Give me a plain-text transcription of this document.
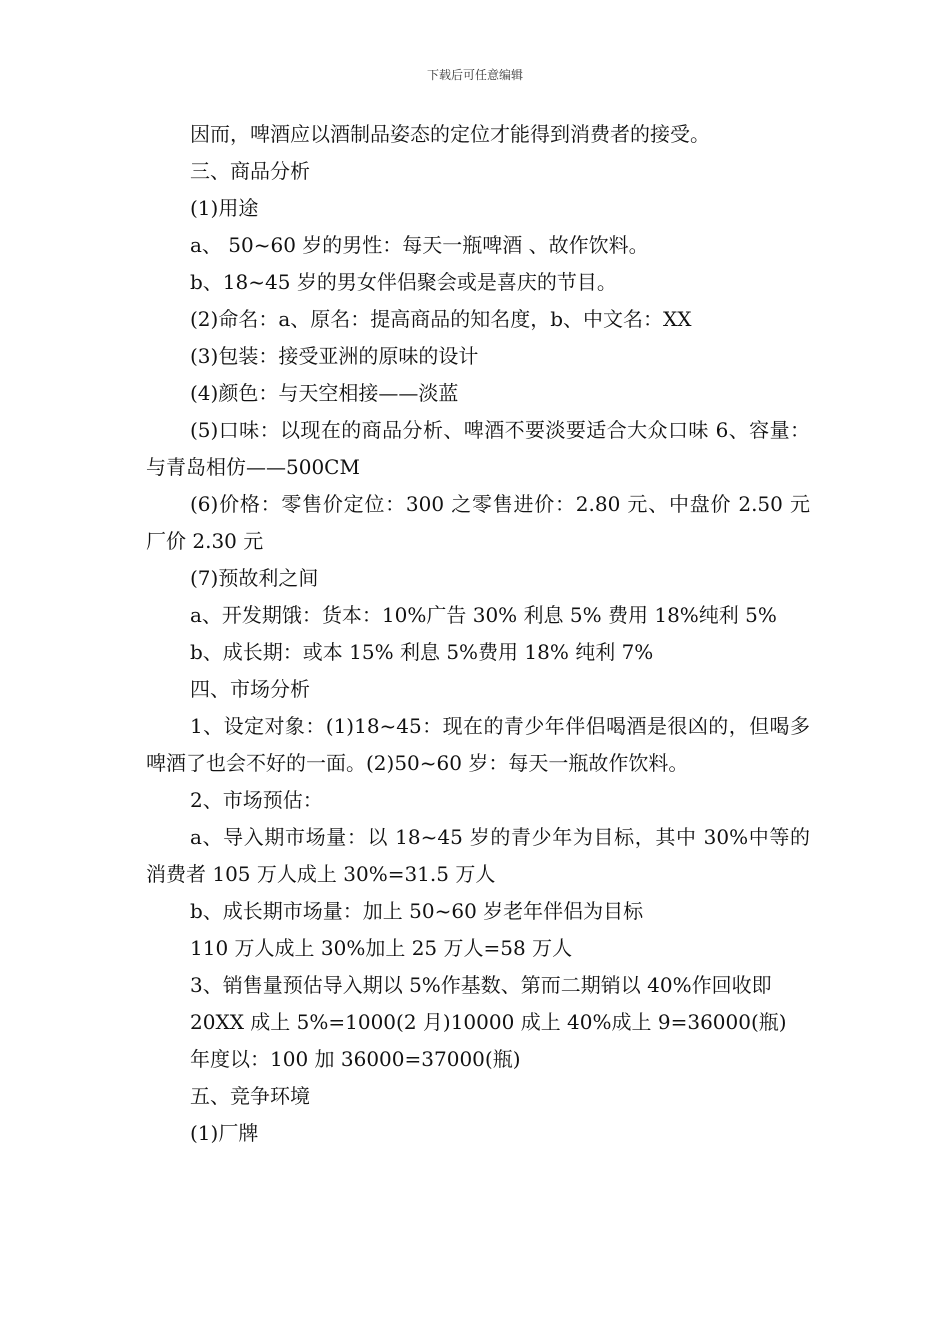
下载后可任意编辑

因而，啤酒应以酒制品姿态的定位才能得到消费者的接受。

三、商品分析

(1)用途

a、 50~60 岁的男性：每天一瓶啤酒 、故作饮料。

b、18~45 岁的男女伴侣聚会或是喜庆的节目。

(2)命名：a、原名：提高商品的知名度，b、中文名：XX

(3)包装：接受亚洲的原味的设计

(4)颜色：与天空相接——淡蓝

(5)口味：以现在的商品分析、啤酒不要淡要适合大众口味 6、容量：与青岛相仿——500CM

(6)价格：零售价定位：300 之零售进价：2.80 元、中盘价 2.50 元 厂价 2.30 元

(7)预故利之间

a、开发期饿：货本：10%广告 30% 利息 5% 费用 18%纯利 5%

b、成长期：或本 15% 利息 5%费用 18% 纯利 7%

四、市场分析

1、设定对象：(1)18~45：现在的青少年伴侣喝酒是很凶的，但喝多啤酒了也会不好的一面。(2)50~60 岁：每天一瓶故作饮料。

2、市场预估：

a、导入期市场量：以 18~45 岁的青少年为目标，其中 30%中等的消费者 105 万人成上 30%=31.5 万人

b、成长期市场量：加上 50~60 岁老年伴侣为目标

110 万人成上 30%加上 25 万人=58 万人

3、销售量预估导入期以 5%作基数、第而二期销以 40%作回收即

20XX 成上 5%=1000(2 月)10000 成上 40%成上 9=36000(瓶)

年度以：100 加 36000=37000(瓶)

五、竞争环境

(1)厂牌
